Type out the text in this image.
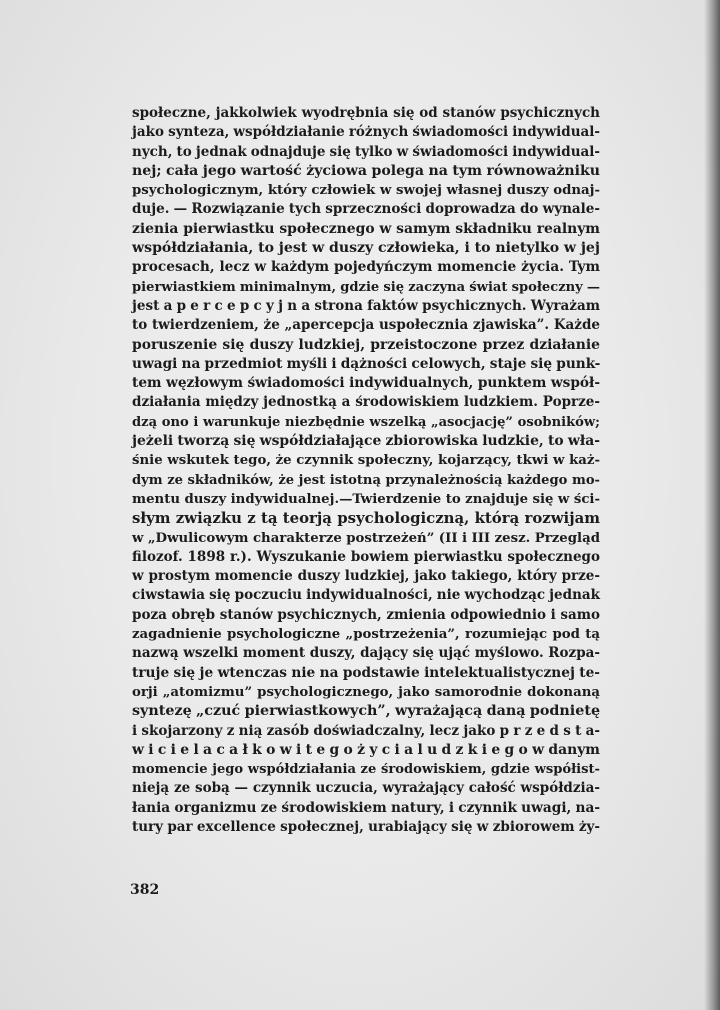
społeczne, jakkolwiek wyodrębnia się od stanów psychicznych
jako synteza, współdziałanie różnych świadomości indywidual-
nych, to jednak odnajduje się tylko w świadomości indywidual-
nej; cała jego wartość życiowa polega na tym równoważniku
psychologicznym, który człowiek w swojej własnej duszy odnaj-
duje. — Rozwiązanie tych sprzeczności doprowadza do wynale-
zienia pierwiastku społecznego w samym składniku realnym
współdziałania, to jest w duszy człowieka, i to nietylko w jej
procesach, lecz w każdym pojedyńczym momencie życia. Tym
pierwiastkiem minimalnym, gdzie się zaczyna świat społeczny —
jest a p e r c e p c y j n a strona faktów psychicznych. Wyrażam
to twierdzeniem, że „apercepcja uspołecznia zjawiska”. Każde
poruszenie się duszy ludzkiej, przeistoczone przez działanie
uwagi na przedmiot myśli i dążności celowych, staje się punk-
tem węzłowym świadomości indywidualnych, punktem współ-
działania między jednostką a środowiskiem ludzkiem. Poprze-
dzą ono i warunkuje niezbędnie wszelką „asocjację” osobników;
jeżeli tworzą się współdziałające zbiorowiska ludzkie, to wła-
śnie wskutek tego, że czynnik społeczny, kojarzący, tkwi w każ-
dym ze składników, że jest istotną przynależnością każdego mo-
mentu duszy indywidualnej.—Twierdzenie to znajduje się w ści-
słym związku z tą teorją psychologiczną, którą rozwijam
w „Dwulicowym charakterze postrzeżeń” (II i III zesz. Przegląd
filozof. 1898 r.). Wyszukanie bowiem pierwiastku społecznego
w prostym momencie duszy ludzkiej, jako takiego, który prze-
ciwstawia się poczuciu indywidualności, nie wychodząc jednak
poza obręb stanów psychicznych, zmienia odpowiednio i samo
zagadnienie psychologiczne „postrzeżenia”, rozumiejąc pod tą
nazwą wszelki moment duszy, dający się ująć myślowo. Rozpa-
truje się je wtenczas nie na podstawie intelektualistycznej te-
orji „atomizmu” psychologicznego, jako samorodnie dokonaną
syntezę „czuć pierwiastkowych”, wyrażającą daną podnietę
i skojarzony z nią zasób doświadczalny, lecz jako p r z e d s t a-
w i c i e l a c a ł k o w i t e g o ż y c i a l u d z k i e g o w danym
momencie jego współdziałania ze środowiskiem, gdzie współist-
nieją ze sobą — czynnik uczucia, wyrażający całość współdzia-
łania organizmu ze środowiskiem natury, i czynnik uwagi, na-
tury par excellence społecznej, urabiający się w zbiorowem ży-
382
